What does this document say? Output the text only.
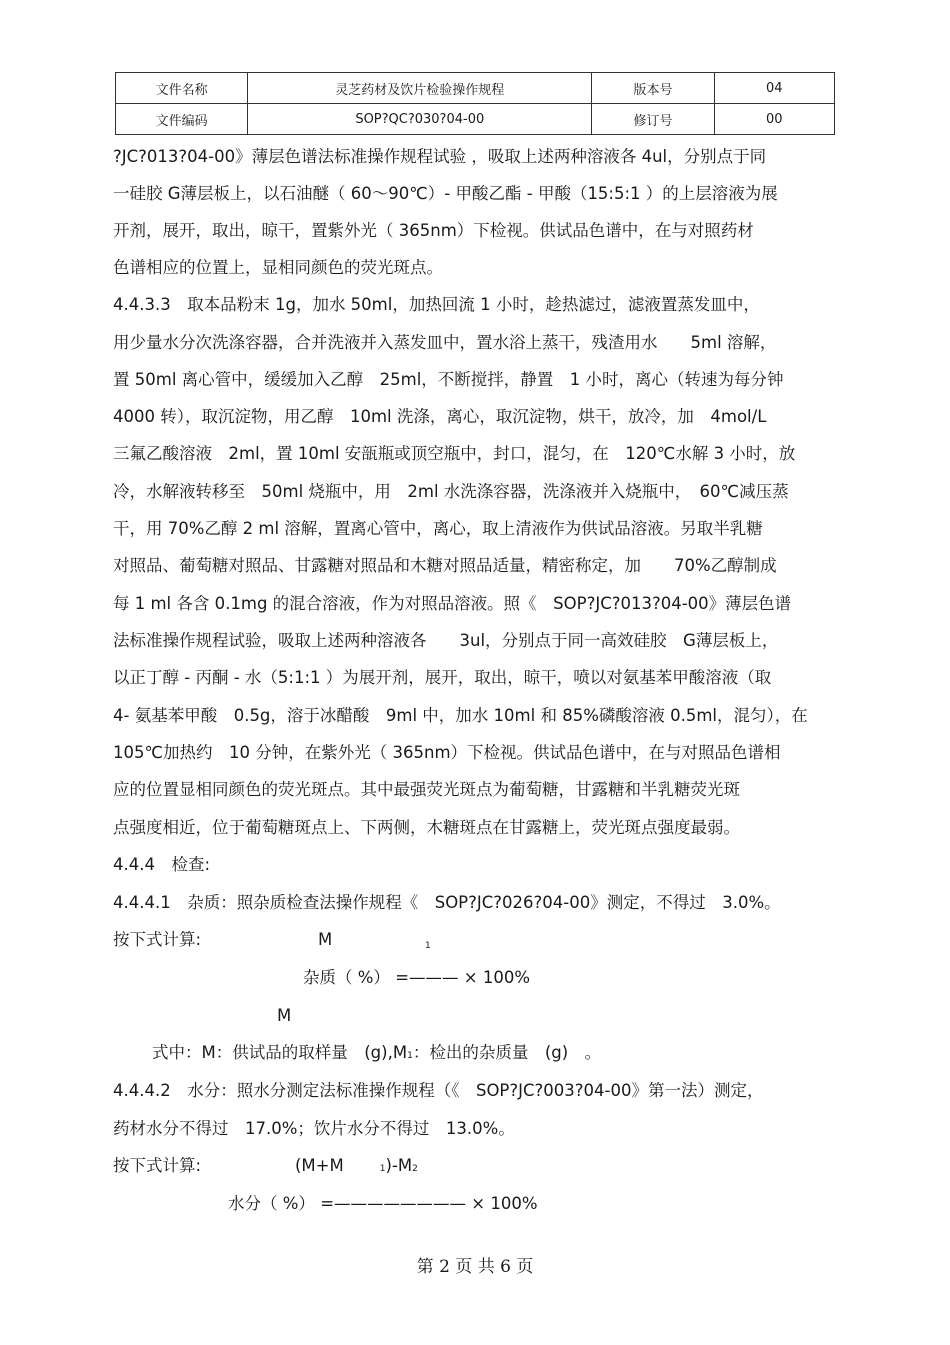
文件名称	灵芝药材及饮片检验操作规程	版本号	04
文件编码	SOP?QC?030?04-00	修订号	00
?JC?013?04-00》薄层色谱法标准操作规程试验 ，吸取上述两种溶液各 4ul，分别点于同
一硅胶 G薄层板上，以石油醚（ 60～90℃）- 甲酸乙酯 - 甲酸（15:5:1 ）的上层溶液为展
开剂，展开，取出，晾干，置紫外光（ 365nm）下检视。供试品色谱中，在与对照药材
色谱相应的位置上，显相同颜色的荧光斑点。
4.4.3.3　取本品粉末 1g，加水 50ml，加热回流 1 小时，趁热滤过，滤液置蒸发皿中，
用少量水分次洗涤容器，合并洗液并入蒸发皿中，置水浴上蒸干，残渣用水　　5ml 溶解，
置 50ml 离心管中，缓缓加入乙醇　25ml，不断搅拌，静置　1 小时，离心（转速为每分钟
4000 转），取沉淀物，用乙醇　10ml 洗涤，离心，取沉淀物，烘干，放冷，加　4mol/L
三氟乙酸溶液　2ml，置 10ml 安瓿瓶或顶空瓶中，封口，混匀，在　120℃水解 3 小时，放
冷，水解液转移至　50ml 烧瓶中，用　2ml 水洗涤容器，洗涤液并入烧瓶中，　60℃减压蒸
干，用 70%乙醇 2 ml 溶解，置离心管中，离心，取上清液作为供试品溶液。另取半乳糖
对照品、葡萄糖对照品、甘露糖对照品和木糖对照品适量，精密称定，加　　70%乙醇制成
每 1 ml 各含 0.1mg 的混合溶液，作为对照品溶液。照《　SOP?JC?013?04-00》薄层色谱
法标准操作规程试验，吸取上述两种溶液各　　3ul，分别点于同一高效硅胶　G薄层板上，
以正丁醇 - 丙酮 - 水（5:1:1 ）为展开剂，展开，取出，晾干，喷以对氨基苯甲酸溶液（取
4- 氨基苯甲酸　0.5g，溶于冰醋酸　9ml 中，加水 10ml 和 85%磷酸溶液 0.5ml，混匀），在
105℃加热约　10 分钟，在紫外光（ 365nm）下检视。供试品色谱中，在与对照品色谱相
应的位置显相同颜色的荧光斑点。其中最强荧光斑点为葡萄糖，甘露糖和半乳糖荧光斑
点强度相近，位于葡萄糖斑点上、下两侧，木糖斑点在甘露糖上，荧光斑点强度最弱。
4.4.4　检查:
4.4.4.1　杂质：照杂质检查法操作规程《　SOP?JC?026?04-00》测定，不得过　3.0%。
按下式计算:	M	1
杂质（ %） =——— × 100%
M
式中：M：供试品的取样量　(g),M1：检出的杂质量　(g)　。
4.4.4.2　水分：照水分测定法标准操作规程（《　SOP?JC?003?04-00》第一法）测定，
药材水分不得过　17.0%；饮片水分不得过　13.0%。
按下式计算:	(M+M	1)-M2
水分（ %） =———————— × 100%
第 2 页 共 6 页
